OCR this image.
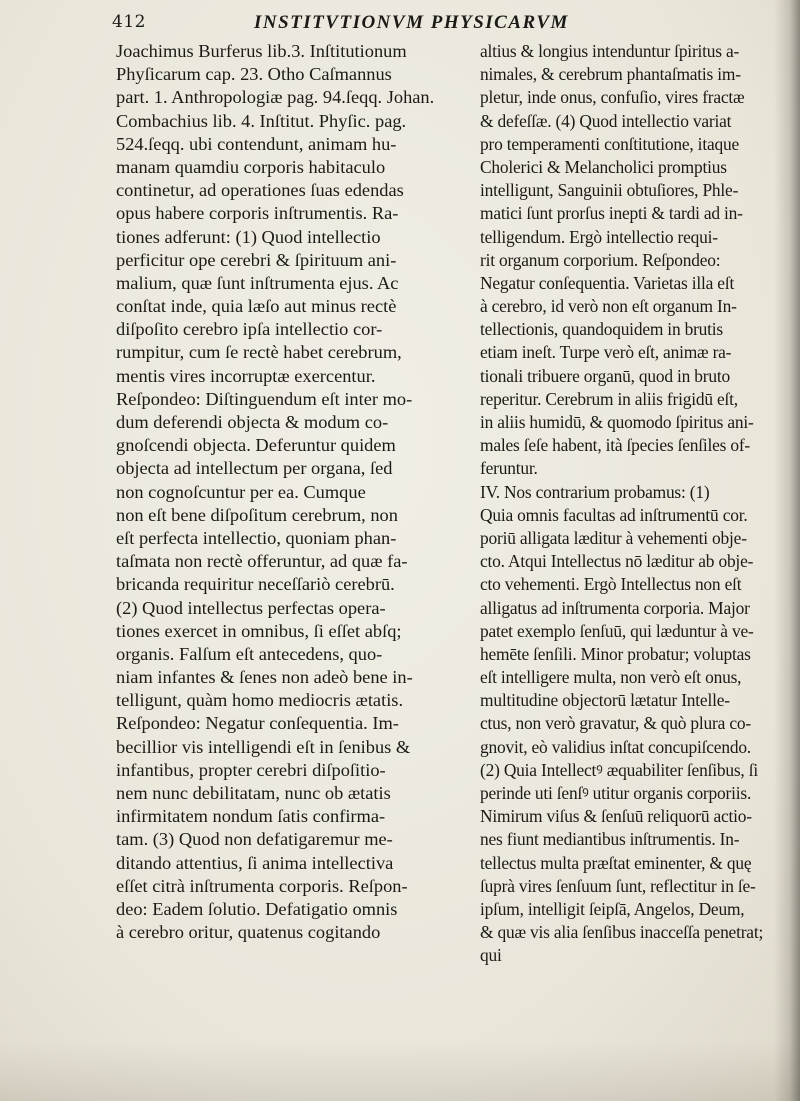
412	INSTITVTIONVM PHYSICARVM
Joachimus Burferus lib.3. Inſtitutionum
Phyſicarum cap. 23. Otho Caſmannus
part. 1. Anthropologiæ pag. 94.ſeqq. Johan.
Combachius lib. 4. Inſtitut. Phyſic. pag.
524.ſeqq. ubi contendunt, animam hu-
manam quamdiu corporis habitaculo
continetur, ad operationes ſuas edendas
opus habere corporis inſtrumentis. Ra-
tiones adferunt: (1) Quod intellectio
perficitur ope cerebri & ſpirituum ani-
malium, quæ ſunt inſtrumenta ejus. Ac
conſtat inde, quia læſo aut minus rectè
diſpoſito cerebro ipſa intellectio cor-
rumpitur, cum ſe rectè habet cerebrum,
mentis vires incorruptæ exercentur.
Reſpondeo: Diſtinguendum eſt inter mo-
dum deferendi objecta & modum co-
gnoſcendi objecta. Deferuntur quidem
objecta ad intellectum per organa, ſed
non cognoſcuntur per ea. Cumque
non eſt bene diſpoſitum cerebrum, non
eſt perfecta intellectio, quoniam phan-
taſmata non rectè offeruntur, ad quæ fa-
bricanda requiritur neceſſariò cerebrū.
(2) Quod intellectus perfectas opera-
tiones exercet in omnibus, ſi eſſet abſq;
organis. Falſum eſt antecedens, quo-
niam infantes & ſenes non adeò bene in-
telligunt, quàm homo mediocris ætatis.
Reſpondeo: Negatur conſequentia. Im-
becillior vis intelligendi eſt in ſenibus &
infantibus, propter cerebri diſpoſitio-
nem nunc debilitatam, nunc ob ætatis
infirmitatem nondum ſatis confirma-
tam. (3) Quod non defatigaremur me-
ditando attentius, ſi anima intellectiva
eſſet citrà inſtrumenta corporis. Reſpon-
deo: Eadem ſolutio. Defatigatio omnis
à cerebro oritur, quatenus cogitando
altius & longius intenduntur ſpiritus a-
nimales, & cerebrum phantaſmatis im-
pletur, inde onus, confuſio, vires fractæ
& defeſſæ. (4) Quod intellectio variat
pro temperamenti conſtitutione, itaque
Cholerici & Melancholici promptius
intelligunt, Sanguinii obtuſiores, Phle-
matici ſunt prorſus inepti & tardi ad in-
telligendum. Ergò intellectio requi-
rit organum corporium. Reſpondeo:
Negatur conſequentia. Varietas illa eſt
à cerebro, id verò non eſt organum In-
tellectionis, quandoquidem in brutis
etiam ineſt. Turpe verò eſt, animæ ra-
tionali tribuere organū, quod in bruto
reperitur. Cerebrum in aliis frigidū eſt,
in aliis humidū, & quomodo ſpiritus ani-
males ſeſe habent, ità ſpecies ſenſiles of-
feruntur.
IV. Nos contrarium probamus: (1)
Quia omnis facultas ad inſtrumentū cor.
poriū alligata læditur à vehementi obje-
cto. Atqui Intellectus nō læditur ab obje-
cto vehementi. Ergò Intellectus non eſt
alligatus ad inſtrumenta corporia. Major
patet exemplo ſenſuū, qui læduntur à ve-
hemēte ſenſili. Minor probatur; voluptas
eſt intelligere multa, non verò eſt onus,
multitudine objectorū lætatur Intelle-
ctus, non verò gravatur, & quò plura co-
gnovit, eò validius inſtat concupiſcendo.
(2) Quia Intellectꝰ æquabiliter ſenſibus, ſi
perinde uti ſenſꝰ utitur organis corporiis.
Nimirum viſus & ſenſuū reliquorū actio-
nes fiunt mediantibus inſtrumentis. In-
tellectus multa præſtat eminenter, & quę
ſuprà vires ſenſuum ſunt, reflectitur in ſe-
ipſum, intelligit ſeipſā, Angelos, Deum,
& quæ vis alia ſenſibus inacceſſa penetrat;
qui
